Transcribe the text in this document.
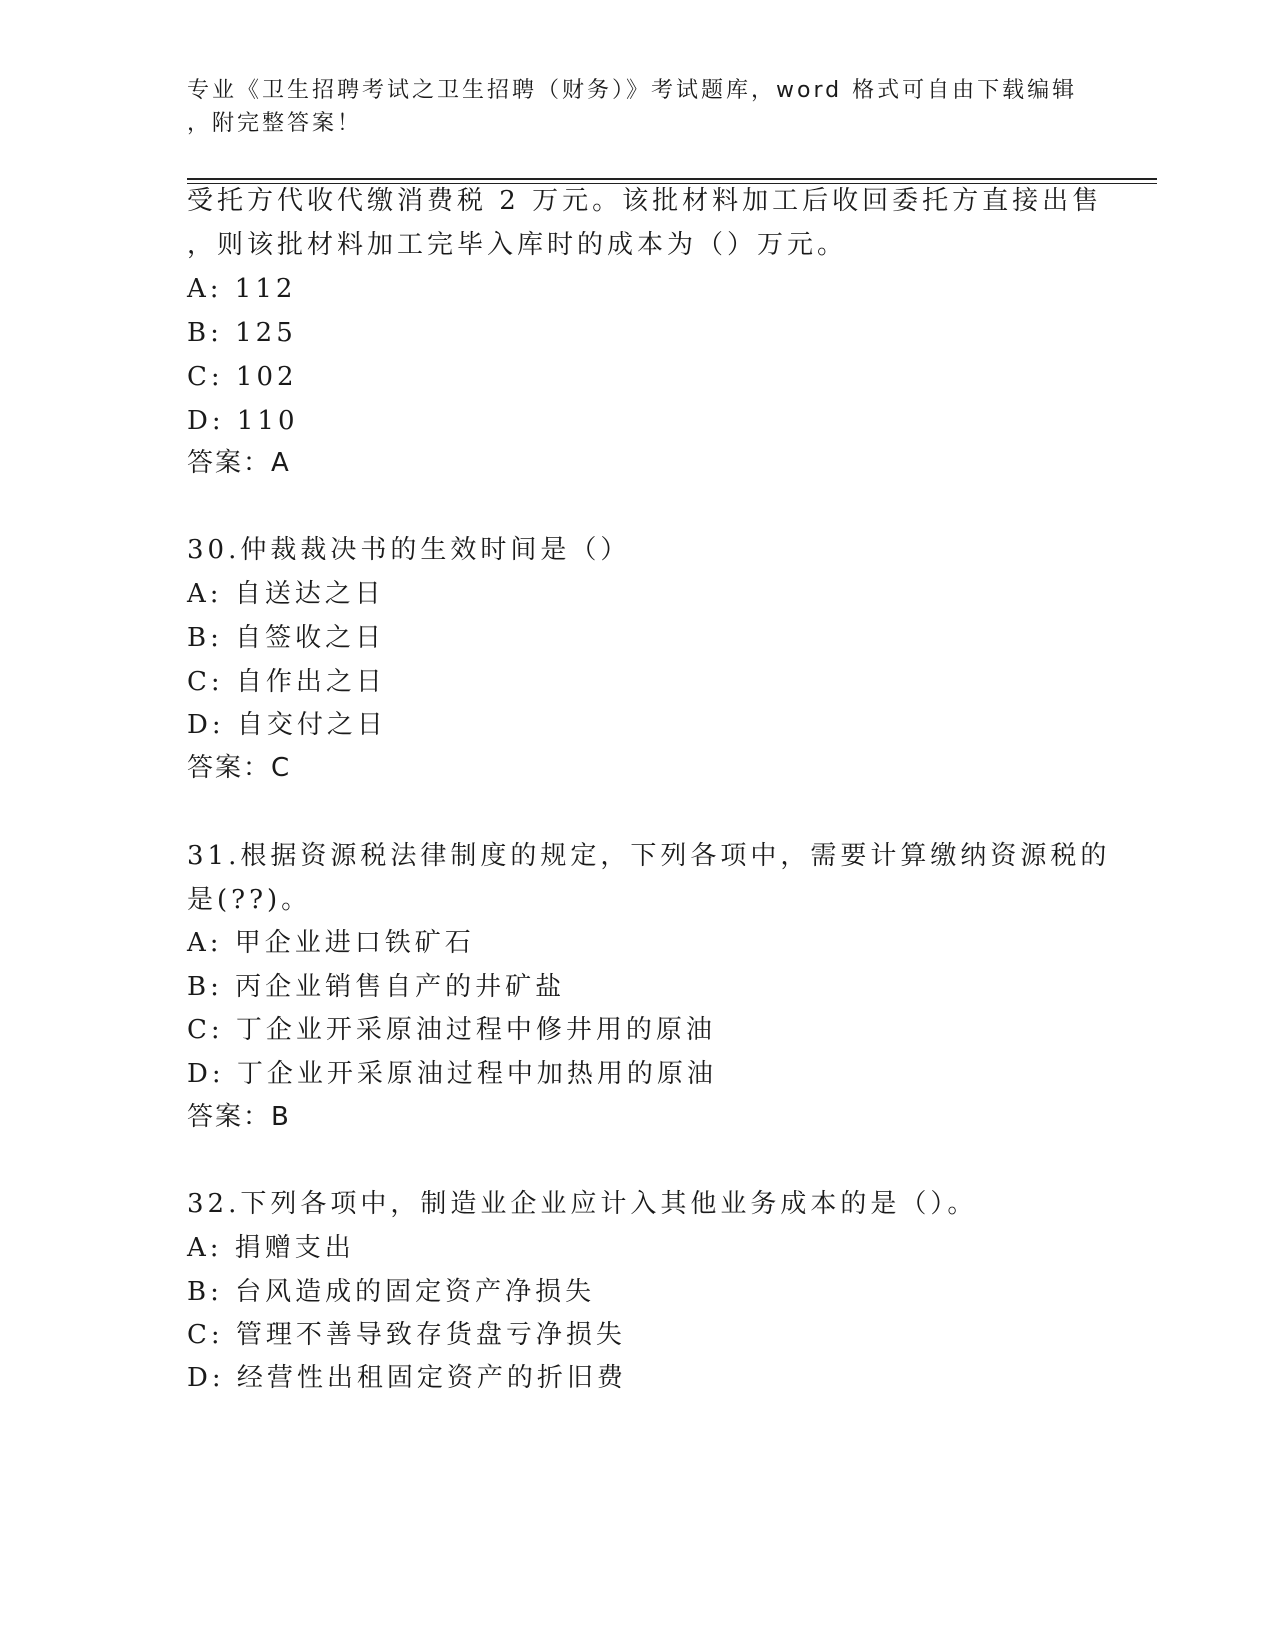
专业《卫生招聘考试之卫生招聘（财务）》考试题库，word 格式可自由下载编辑
，附完整答案！
受托方代收代缴消费税 2 万元。该批材料加工后收回委托方直接出售
，则该批材料加工完毕入库时的成本为（）万元。
A: 112
B: 125
C: 102
D: 110
答案：A
30.仲裁裁决书的生效时间是（）
A: 自送达之日
B: 自签收之日
C: 自作出之日
D: 自交付之日
答案：C
31.根据资源税法律制度的规定，下列各项中，需要计算缴纳资源税的
是(??)。
A: 甲企业进口铁矿石
B: 丙企业销售自产的井矿盐
C: 丁企业开采原油过程中修井用的原油
D: 丁企业开采原油过程中加热用的原油
答案：B
32.下列各项中，制造业企业应计入其他业务成本的是（）。
A: 捐赠支出
B: 台风造成的固定资产净损失
C: 管理不善导致存货盘亏净损失
D: 经营性出租固定资产的折旧费
